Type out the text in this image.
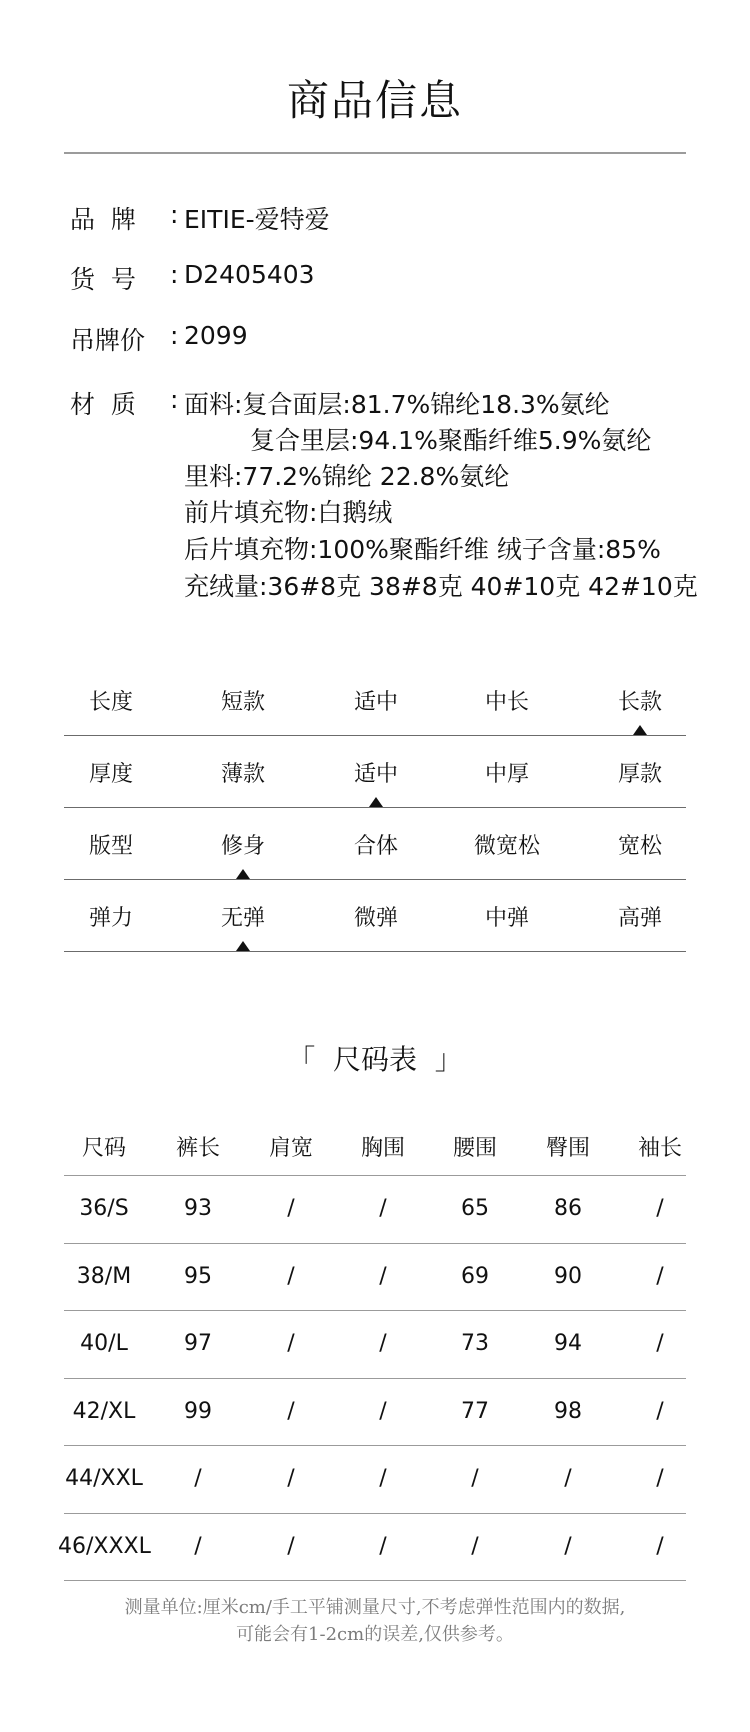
商品信息
品  牌	: EITIE-爱特爱
货  号	: D2405403
吊牌价 : 2099
材  质	: 面料:复合面层:81.7%锦纶18.3%氨纶
复合里层:94.1%聚酯纤维5.9%氨纶
里料:77.2%锦纶 22.8%氨纶
前片填充物:白鹅绒
后片填充物:100%聚酯纤维 绒子含量:85%
充绒量:36#8克 38#8克 40#10克 42#10克
长度	短款	适中	中长	长款
厚度	薄款	适中	中厚	厚款
版型	修身	合体	微宽松	宽松
弹力	无弹	微弹	中弹	高弹
「  尺码表  」
尺码	裤长	肩宽	胸围	腰围	臀围	袖长
36/S	93	/	/	65	86	/
38/M	95	/	/	69	90	/
40/L	97	/	/	73	94	/
42/XL	99	/	/	77	98	/
44/XXL	/	/	/	/	/	/
46/XXXL	/	/	/	/	/	/
测量单位:厘米cm/手工平铺测量尺寸,不考虑弹性范围内的数据,
可能会有1-2cm的误差,仅供参考。
